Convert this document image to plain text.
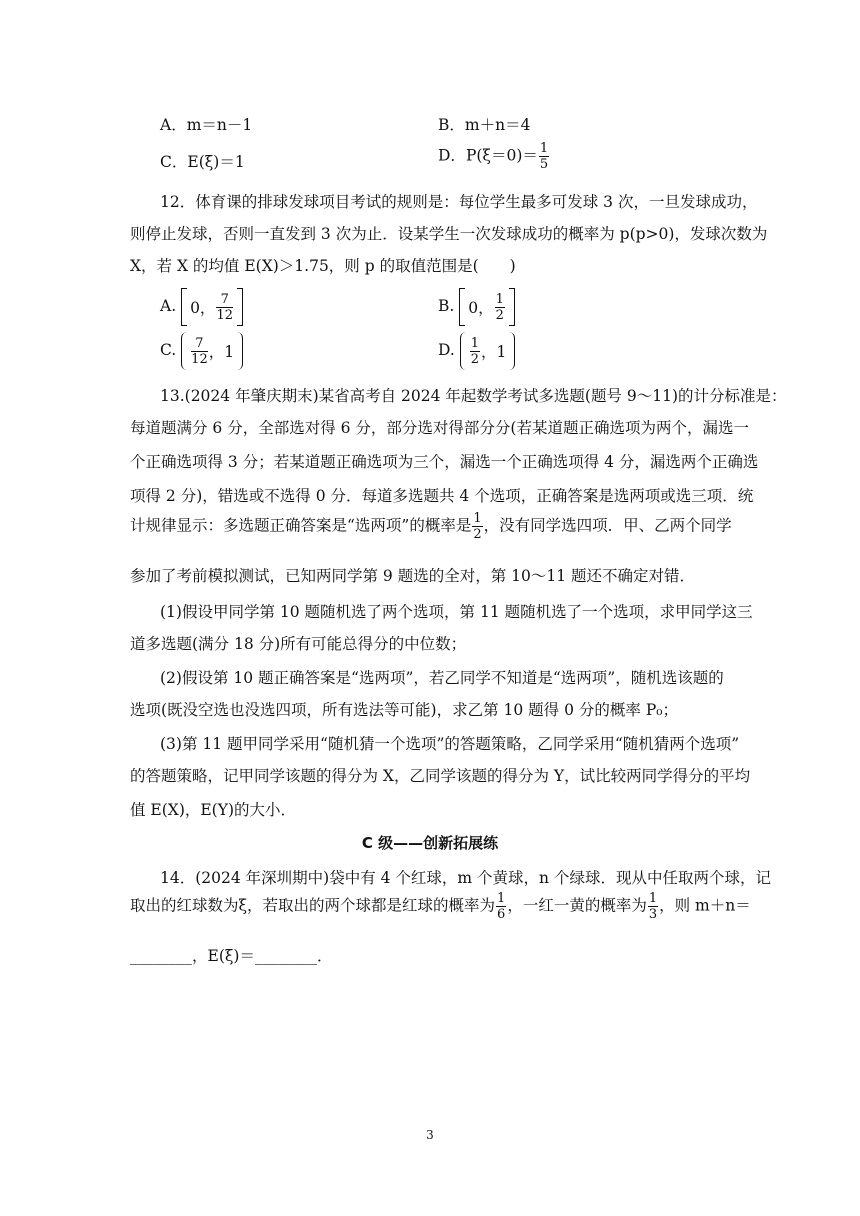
A．m＝n－1	B．m＋n＝4
C．E(ξ)＝1	D．$P(\xi=0)= \frac{1}{5}$
12．体育课的排球发球项目考试的规则是：每位学生最多可发球 3 次，一旦发球成功，
则停止发球，否则一直发到 3 次为止．设某学生一次发球成功的概率为 p(p>0)，发球次数为
X，若 X 的均值 E(X)＞1.75，则 p 的取值范围是(　　)
A. 0， $\frac{7}{12}$	B. 0， $\frac{1}{2}$
C. $\frac{7}{12}$ ，1	D. $\frac{1}{2}$ ，1
13.(2024 年肇庆期末)某省高考自 2024 年起数学考试多选题(题号 9～11)的计分标准是：
每道题满分 6 分，全部选对得 6 分，部分选对得部分分(若某道题正确选项为两个，漏选一
个正确选项得 3 分；若某道题正确选项为三个，漏选一个正确选项得 4 分，漏选两个正确选
项得 2 分)，错选或不选得 0 分．每道多选题共 4 个选项，正确答案是选两项或选三项．统
计规律显示：多选题正确答案是“选两项”的概率是 $\frac{1}{2}$ ，没有同学选四项．甲、乙两个同学
参加了考前模拟测试，已知两同学第 9 题选的全对，第 10～11 题还不确定对错．
(1)假设甲同学第 10 题随机选了两个选项，第 11 题随机选了一个选项，求甲同学这三
道多选题(满分 18 分)所有可能总得分的中位数；
(2)假设第 10 题正确答案是“选两项”，若乙同学不知道是“选两项”，随机选该题的
选项(既没空选也没选四项，所有选法等可能)，求乙第 10 题得 0 分的概率 P₀；
(3)第 11 题甲同学采用“随机猜一个选项”的答题策略，乙同学采用“随机猜两个选项”
的答题策略，记甲同学该题的得分为 X，乙同学该题的得分为 Y，试比较两同学得分的平均
值 E(X)，E(Y)的大小．
C 级——创新拓展练
14．(2024 年深圳期中)袋中有 4 个红球，m 个黄球，n 个绿球．现从中任取两个球，记
取出的红球数为ξ，若取出的两个球都是红球的概率为 $\frac{1}{6}$ ，一红一黄的概率为 $\frac{1}{3}$ ，则 m＋n＝
________，E(ξ)＝________．
3
